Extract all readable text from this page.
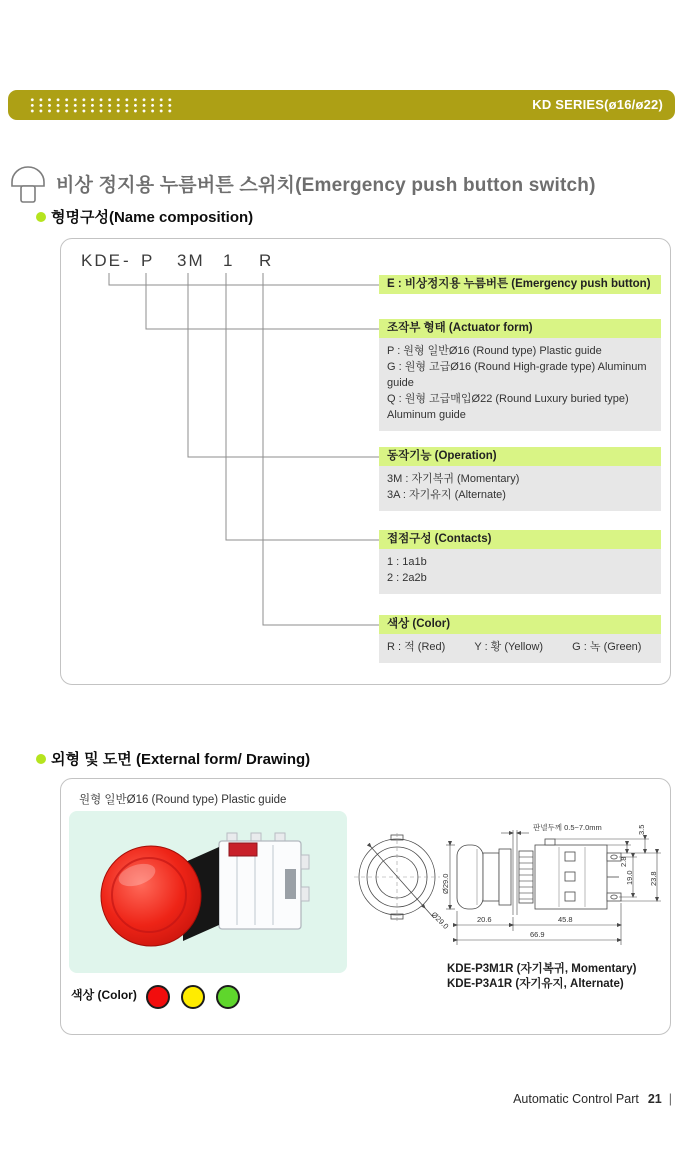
KD SERIES(ø16/ø22)
비상 정지용 누름버튼 스위치(Emergency push button switch)
형명구성(Name composition)
KDE - P 3M 1 R
E : 비상정지용 누름버튼 (Emergency push button)
조작부 형태 (Actuator form)
P : 원형 일반Ø16 (Round type) Plastic guide
G : 원형 고급Ø16 (Round High-grade type) Aluminum guide
Q : 원형 고급매입Ø22 (Round Luxury buried type) Aluminum guide
동작기능 (Operation)
3M : 자기복귀 (Momentary)
3A : 자기유지 (Alternate)
접점구성 (Contacts)
1 : 1a1b
2 : 2a2b
색상 (Color)
R : 적 (Red)	Y : 황 (Yellow)	G : 녹 (Green)
외형 및 도면 (External form/ Drawing)
원형 일반Ø16 (Round type) Plastic guide
색상 (Color)
Ø29.0
Ø29.0
판넬두께 0.5~7.0mm
2.8
3.5
19.0 23.8
20.6	45.8
66.9
KDE-P3M1R (자기복귀, Momentary)
KDE-P3A1R (자기유지, Alternate)
Automatic Control Part 21 |
